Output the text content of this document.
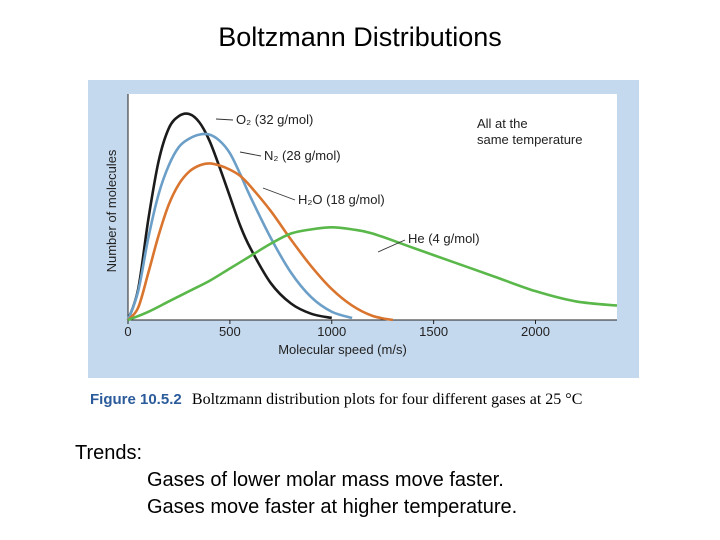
Boltzmann Distributions
0	500	1000	1500	2000
Molecular speed (m/s)
Number of molecules
O₂ (32 g/mol)
N₂ (28 g/mol)
H₂O (18 g/mol)
He (4 g/mol)
All at the
same temperature
Figure 10.5.2 Boltzmann distribution plots for four different gases at 25 °C
Trends:
Gases of lower molar mass move faster.
Gases move faster at higher temperature.
